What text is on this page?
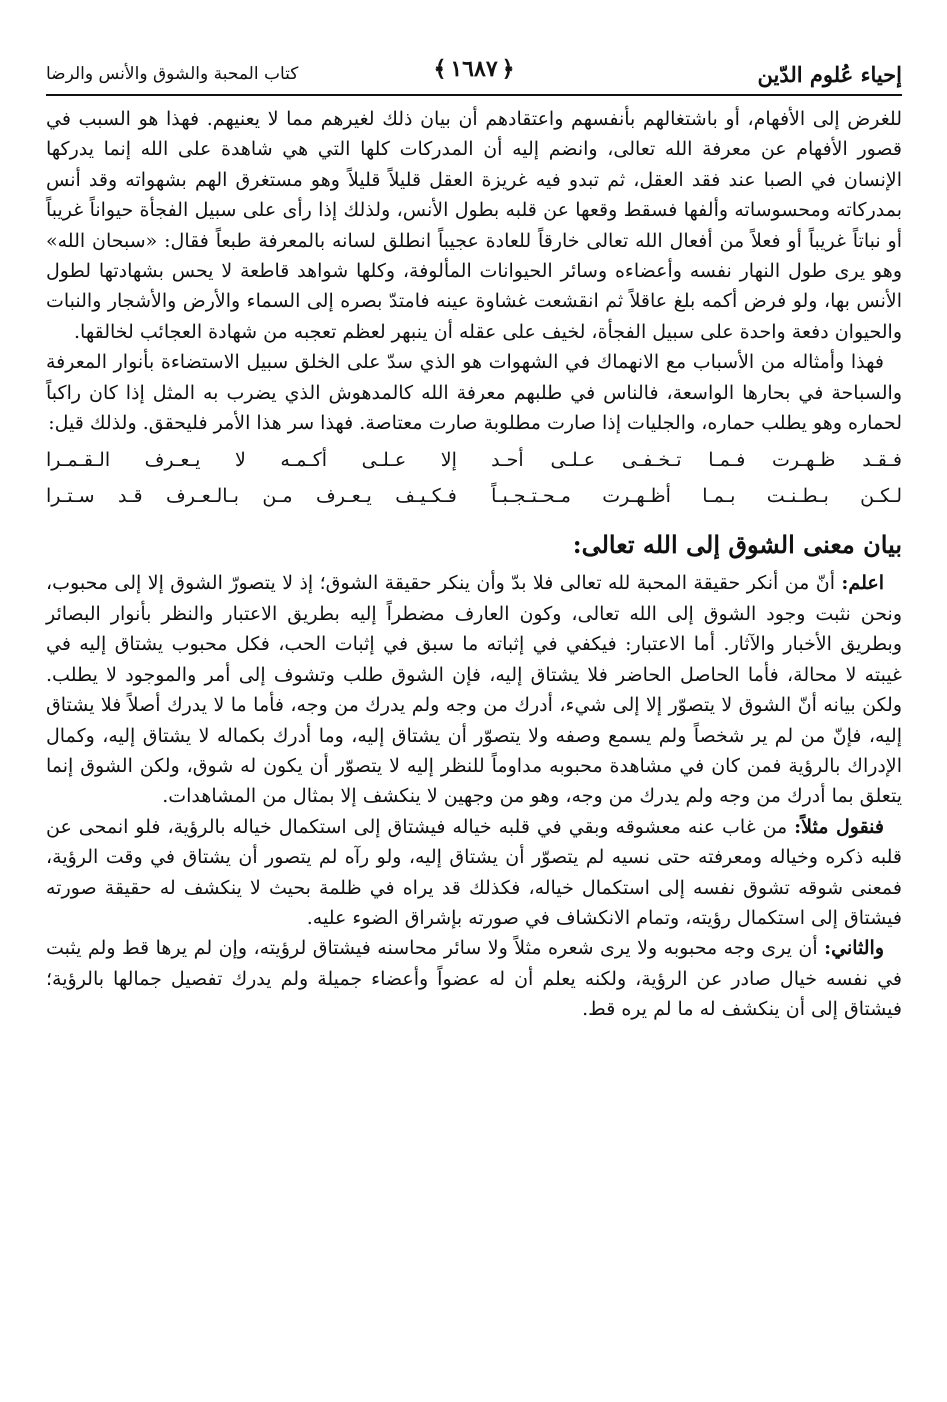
إحياء عُلوم الدّين
﴿١٦٨٧﴾
كتاب المحبة والشوق والأنس والرضا

للغرض إلى الأفهام، أو باشتغالهم بأنفسهم واعتقادهم أن بيان ذلك لغيرهم مما لا يعنيهم. فهذا هو السبب في قصور الأفهام عن معرفة الله تعالى، وانضم إليه أن المدركات كلها التي هي شاهدة على الله إنما يدركها الإنسان في الصبا عند فقد العقل، ثم تبدو فيه غريزة العقل قليلاً قليلاً وهو مستغرق الهم بشهواته وقد أنس بمدركاته ومحسوساته وألفها فسقط وقعها عن قلبه بطول الأنس، ولذلك إذا رأى على سبيل الفجأة حيواناً غريباً أو نباتاً غريباً أو فعلاً من أفعال الله تعالى خارقاً للعادة عجيباً انطلق لسانه بالمعرفة طبعاً فقال: «سبحان الله» وهو يرى طول النهار نفسه وأعضاءه وسائر الحيوانات المألوفة، وكلها شواهد قاطعة لا يحس بشهادتها لطول الأنس بها، ولو فرض أكمه بلغ عاقلاً ثم انقشعت غشاوة عينه فامتدّ بصره إلى السماء والأرض والأشجار والنبات والحيوان دفعة واحدة على سبيل الفجأة، لخيف على عقله أن ينبهر لعظم تعجبه من شهادة العجائب لخالقها.

فهذا وأمثاله من الأسباب مع الانهماك في الشهوات هو الذي سدّ على الخلق سبيل الاستضاءة بأنوار المعرفة والسباحة في بحارها الواسعة، فالناس في طلبهم معرفة الله كالمدهوش الذي يضرب به المثل إذا كان راكباً لحماره وهو يطلب حماره، والجليات إذا صارت مطلوبة صارت معتاصة. فهذا سر هذا الأمر فليحقق. ولذلك قيل:

فـقـد ظـهـرت فـمـا تـخـفـى عـلـى أحـد
إلا عـلـى أكـمـه لا يـعـرف الـقـمـرا
لـكـن بـطـنـت بـمـا أظـهـرت مـحـتـجـبـاً
فـكـيـف يـعـرف مـن بـالـعـرف قـد سـتـرا
بيان معنى الشوق إلى الله تعالى:

اعلم: أنّ من أنكر حقيقة المحبة لله تعالى فلا بدّ وأن ينكر حقيقة الشوق؛ إذ لا يتصورّ الشوق إلا إلى محبوب، ونحن نثبت وجود الشوق إلى الله تعالى، وكون العارف مضطراً إليه بطريق الاعتبار والنظر بأنوار البصائر وبطريق الأخبار والآثار. أما الاعتبار: فيكفي في إثباته ما سبق في إثبات الحب، فكل محبوب يشتاق إليه في غيبته لا محالة، فأما الحاصل الحاضر فلا يشتاق إليه، فإن الشوق طلب وتشوف إلى أمر والموجود لا يطلب. ولكن بيانه أنّ الشوق لا يتصوّر إلا إلى شيء، أدرك من وجه ولم يدرك من وجه، فأما ما لا يدرك أصلاً فلا يشتاق إليه، فإنّ من لم ير شخصاً ولم يسمع وصفه ولا يتصوّر أن يشتاق إليه، وما أدرك بكماله لا يشتاق إليه، وكمال الإدراك بالرؤية فمن كان في مشاهدة محبوبه مداوماً للنظر إليه لا يتصوّر أن يكون له شوق، ولكن الشوق إنما يتعلق بما أدرك من وجه ولم يدرك من وجه، وهو من وجهين لا ينكشف إلا بمثال من المشاهدات.

فنقول مثلاً: من غاب عنه معشوقه وبقي في قلبه خياله فيشتاق إلى استكمال خياله بالرؤية، فلو انمحى عن قلبه ذكره وخياله ومعرفته حتى نسيه لم يتصوّر أن يشتاق إليه، ولو رآه لم يتصور أن يشتاق في وقت الرؤية، فمعنى شوقه تشوق نفسه إلى استكمال خياله، فكذلك قد يراه في ظلمة بحيث لا ينكشف له حقيقة صورته فيشتاق إلى استكمال رؤيته، وتمام الانكشاف في صورته بإشراق الضوء عليه.

والثاني: أن يرى وجه محبوبه ولا يرى شعره مثلاً ولا سائر محاسنه فيشتاق لرؤيته، وإن لم يرها قط ولم يثبت في نفسه خيال صادر عن الرؤية، ولكنه يعلم أن له عضواً وأعضاء جميلة ولم يدرك تفصيل جمالها بالرؤية؛ فيشتاق إلى أن ينكشف له ما لم يره قط.
